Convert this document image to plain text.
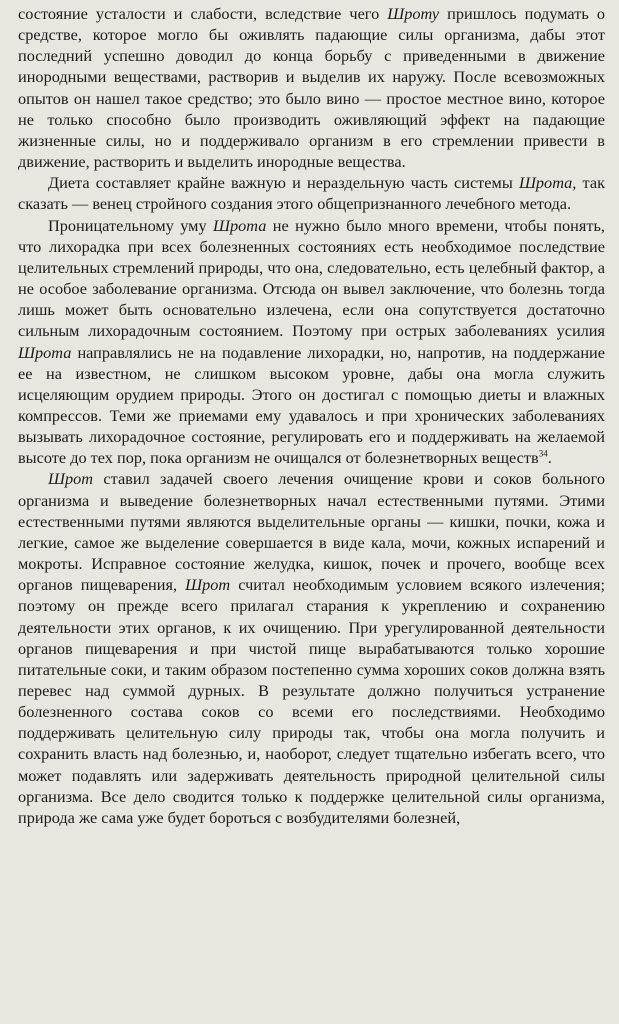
состояние усталости и слабости, вследствие чего Шроту пришлось подумать о средстве, которое могло бы оживлять падающие силы организма, дабы этот последний успешно доводил до конца борьбу с приведенными в движение инородными веществами, растворив и выделив их наружу. После всевозможных опытов он нашел такое средство; это было вино — простое местное вино, которое не только способно было производить оживляющий эффект на падающие жизненные силы, но и поддерживало организм в его стремлении привести в движение, растворить и выделить инородные вещества.

Диета составляет крайне важную и нераздельную часть системы Шрота, так сказать — венец стройного создания этого общепризнанного лечебного метода.

Проницательному уму Шрота не нужно было много времени, чтобы понять, что лихорадка при всех болезненных состояниях есть необходимое последствие целительных стремлений природы, что она, следовательно, есть целебный фактор, а не особое заболевание организма. Отсюда он вывел заключение, что болезнь тогда лишь может быть основательно излечена, если она сопутствуется достаточно сильным лихорадочным состоянием. Поэтому при острых заболеваниях усилия Шрота направлялись не на подавление лихорадки, но, напротив, на поддержание ее на известном, не слишком высоком уровне, дабы она могла служить исцеляющим орудием природы. Этого он достигал с помощью диеты и влажных компрессов. Теми же приемами ему удавалось и при хронических заболеваниях вызывать лихорадочное состояние, регулировать его и поддерживать на желаемой высоте до тех пор, пока организм не очищался от болезнетворных веществ$^{34}$.

Шрот ставил задачей своего лечения очищение крови и соков больного организма и выведение болезнетворных начал естественными путями. Этими естественными путями являются выделительные органы — кишки, почки, кожа и легкие, самое же выделение совершается в виде кала, мочи, кожных испарений и мокроты. Исправное состояние желудка, кишок, почек и прочего, вообще всех органов пищеварения, Шрот считал необходимым условием всякого излечения; поэтому он прежде всего прилагал старания к укреплению и сохранению деятельности этих органов, к их очищению. При урегулированной деятельности органов пищеварения и при чистой пище вырабатываются только хорошие питательные соки, и таким образом постепенно сумма хороших соков должна взять перевес над суммой дурных. В результате должно получиться устранение болезненного состава соков со всеми его последствиями. Необходимо поддерживать целительную силу природы так, чтобы она могла получить и сохранить власть над болезнью, и, наоборот, следует тщательно избегать всего, что может подавлять или задерживать деятельность природной целительной силы организма. Все дело сводится только к поддержке целительной силы организма, природа же сама уже будет бороться с возбудителями болезней,
